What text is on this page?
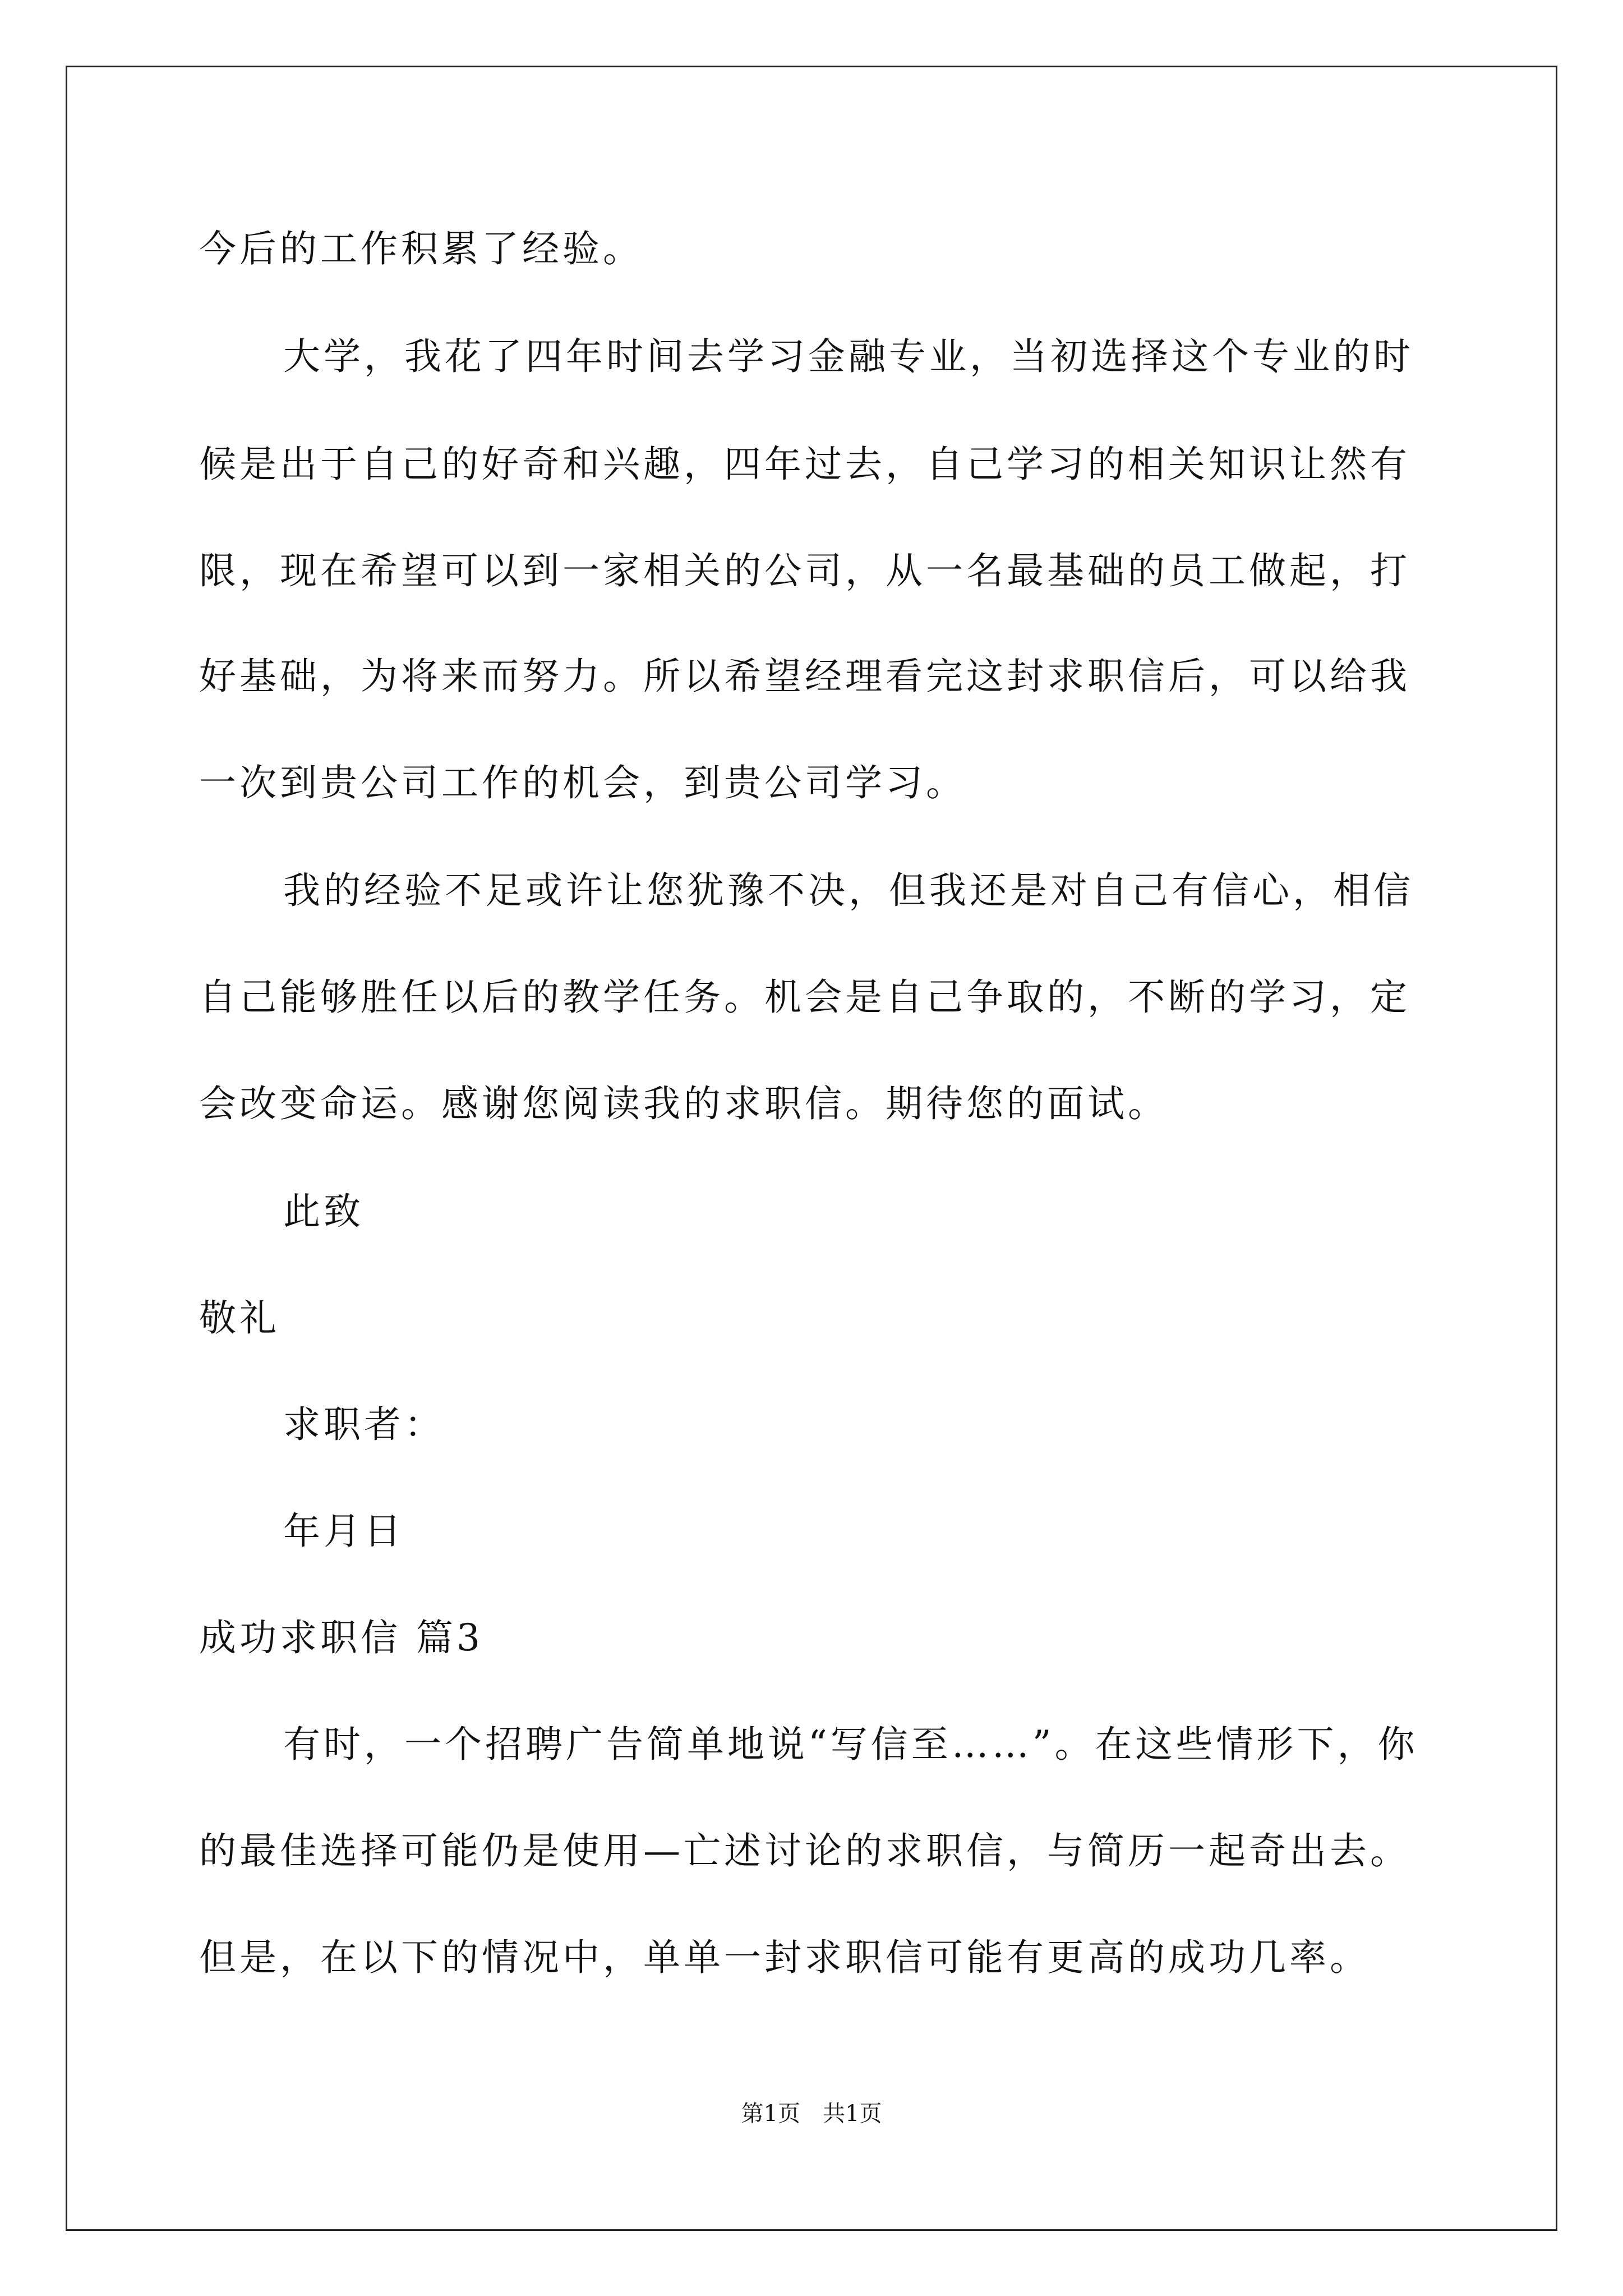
今后的工作积累了经验。
大学，我花了四年时间去学习金融专业，当初选择这个专业的时
候是出于自己的好奇和兴趣，四年过去，自己学习的相关知识让然有
限，现在希望可以到一家相关的公司，从一名最基础的员工做起，打
好基础，为将来而努力。所以希望经理看完这封求职信后，可以给我
一次到贵公司工作的机会，到贵公司学习。
我的经验不足或许让您犹豫不决，但我还是对自己有信心，相信
自己能够胜任以后的教学任务。机会是自己争取的，不断的学习，定
会改变命运。感谢您阅读我的求职信。期待您的面试。
此致
敬礼
求职者：
年月日
成功求职信 篇3
有时，一个招聘广告简单地说“写信至……”。在这些情形下，你
的最佳选择可能仍是使用—亡述讨论的求职信，与简历一起奇出去。
但是，在以下的情况中，单单一封求职信可能有更高的成功几率。
第1页　共1页
